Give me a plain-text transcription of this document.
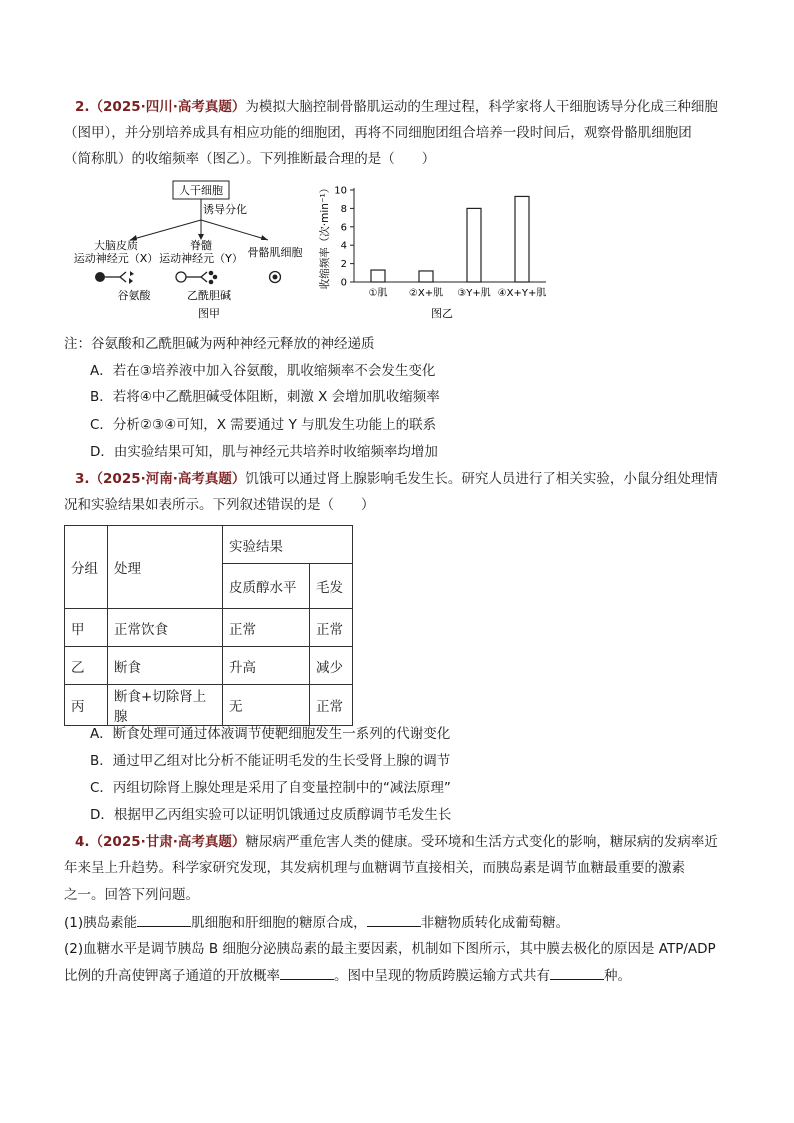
2.（2025·四川·高考真题）为模拟大脑控制骨骼肌运动的生理过程，科学家将人干细胞诱导分化成三种细胞
（图甲），并分别培养成具有相应功能的细胞团，再将不同细胞团组合培养一段时间后，观察骨骼肌细胞团
（简称肌）的收缩频率（图乙）。下列推断最合理的是（　　）
人干细胞
诱导分化
大脑皮质
运动神经元（X）
脊髓
运动神经元（Y） 骨骼肌细胞
谷氨酸	乙酰胆碱
图甲
收缩频率（次·min⁻¹） 0
2
4
6
8
10
①肌 ②X+肌 ③Y+肌 ④X+Y+肌
图乙
注：谷氨酸和乙酰胆碱为两种神经元释放的神经递质
A．若在③培养液中加入谷氨酸，肌收缩频率不会发生变化
B．若将④中乙酰胆碱受体阻断，刺激 X 会增加肌收缩频率
C．分析②③④可知，X 需要通过 Y 与肌发生功能上的联系
D．由实验结果可知，肌与神经元共培养时收缩频率均增加
3.（2025·河南·高考真题）饥饿可以通过肾上腺影响毛发生长。研究人员进行了相关实验，小鼠分组处理情
况和实验结果如表所示。下列叙述错误的是（　　）
分组	处理	实验结果	
		皮质醇水平	毛发
甲	正常饮食	正常	正常
乙	断食	升高	减少
丙	断食+切除肾上腺	无	正常
A．断食处理可通过体液调节使靶细胞发生一系列的代谢变化
B．通过甲乙组对比分析不能证明毛发的生长受肾上腺的调节
C．丙组切除肾上腺处理是采用了自变量控制中的“减法原理”
D．根据甲乙丙组实验可以证明饥饿通过皮质醇调节毛发生长
4.（2025·甘肃·高考真题）糖尿病严重危害人类的健康。受环境和生活方式变化的影响，糖尿病的发病率近
年来呈上升趋势。科学家研究发现，其发病机理与血糖调节直接相关，而胰岛素是调节血糖最重要的激素
之一。回答下列问题。
(1)胰岛素能	肌细胞和肝细胞的糖原合成，	非糖物质转化成葡萄糖。
(2)血糖水平是调节胰岛 B 细胞分泌胰岛素的最主要因素，机制如下图所示，其中膜去极化的原因是 ATP/ADP
比例的升高使钾离子通道的开放概率	。图中呈现的物质跨膜运输方式共有	种。
